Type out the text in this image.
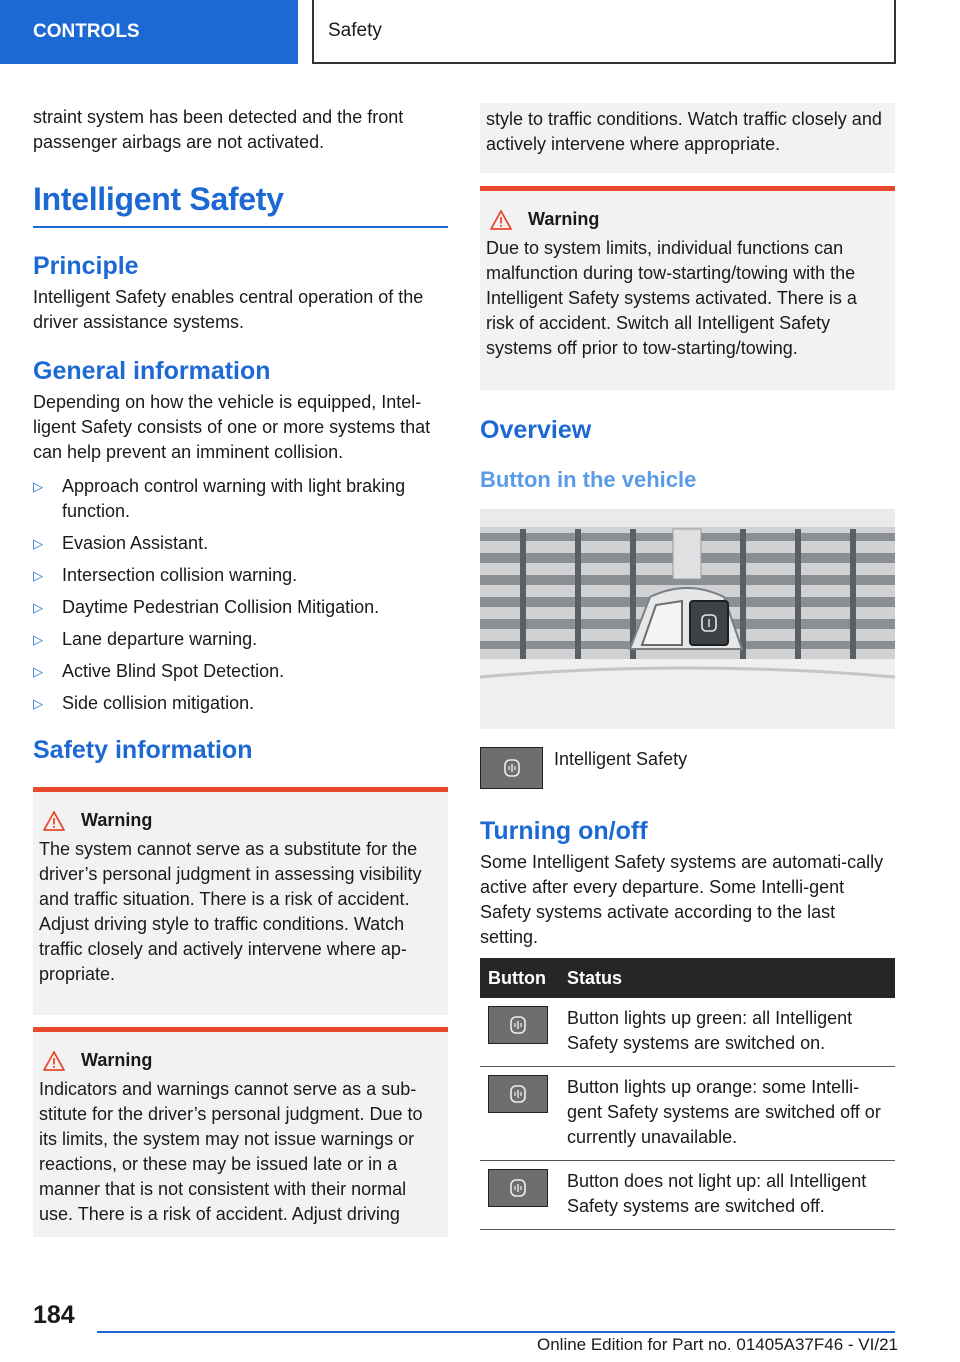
CONTROLS	Safety

straint system has been detected and the front passenger airbags are not activated.

Intelligent Safety
Principle

Intelligent Safety enables central operation of the driver assistance systems.

General information

Depending on how the vehicle is equipped, Intel‐ligent Safety consists of one or more systems that can help prevent an imminent collision.

▷ Approach control warning with light braking function.
▷ Evasion Assistant.
▷ Intersection collision warning.
▷ Daytime Pedestrian Collision Mitigation.
▷ Lane departure warning.
▷ Active Blind Spot Detection.
▷ Side collision mitigation.
Safety information
Warning

The system cannot serve as a substitute for the driver’s personal judgment in assessing visibility and traffic situation. There is a risk of accident. Adjust driving style to traffic conditions. Watch traffic closely and actively intervene where ap‐propriate.

Warning

Indicators and warnings cannot serve as a sub‐stitute for the driver’s personal judgment. Due to its limits, the system may not issue warnings or reactions, or these may be issued late or in a manner that is not consistent with their normal use. There is a risk of accident. Adjust driving

style to traffic conditions. Watch traffic closely and actively intervene where appropriate.

Warning

Due to system limits, individual functions can malfunction during tow-starting/towing with the Intelligent Safety systems activated. There is a risk of accident. Switch all Intelligent Safety systems off prior to tow-starting/towing.

Overview
Button in the vehicle
Intelligent Safety
Turning on/off

Some Intelligent Safety systems are automati‐cally active after every departure. Some Intelli‐gent Safety systems activate according to the last setting.

Button	Status

	Button lights up green: all Intelligent Safety systems are switched on.

	Button lights up orange: some Intelli‐gent Safety systems are switched off or currently unavailable.

	Button does not light up: all Intelligent Safety systems are switched off.
184
Online Edition for Part no. 01405A37F46 - VI/21
